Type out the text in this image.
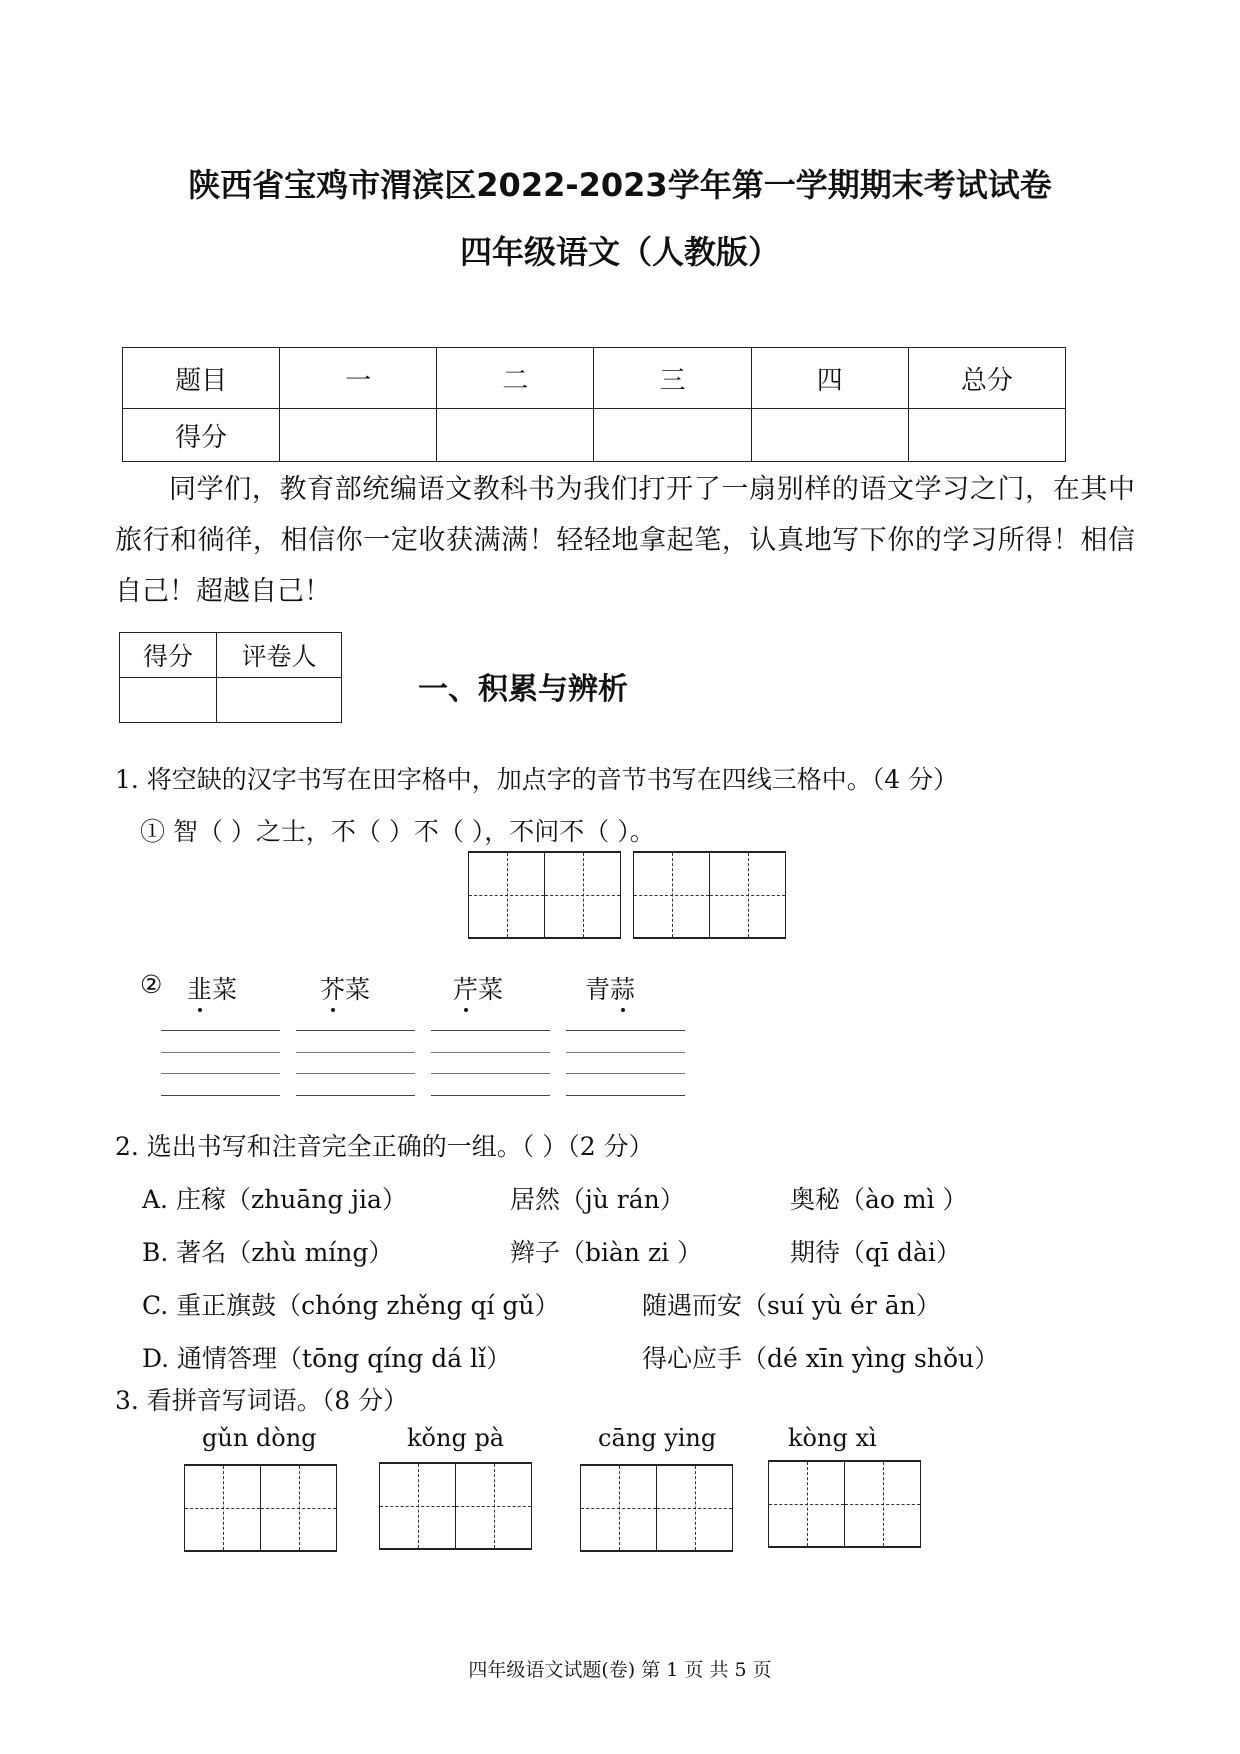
陕西省宝鸡市渭滨区2022-2023学年第一学期期末考试试卷
四年级语文（人教版）
题目	一	二	三	四	总分
得分					
同学们，教育部统编语文教科书为我们打开了一扇别样的语文学习之门，在其中旅行和徜徉，相信你一定收获满满！轻轻地拿起笔，认真地写下你的学习所得！相信自己！超越自己！
得分	评卷人

一、积累与辨析
1. 将空缺的汉字书写在田字格中，加点字的音节书写在四线三格中。（4 分）
① 智（ ）之士，不（ ）不（ ），不问不（ ）。
② 韭菜	芥菜	芹菜	青蒜
2. 选出书写和注音完全正确的一组。（ ）（2 分）
A. 庄稼（zhuāng jia）	居然（jù rán）	奥秘（ào mì ）
B. 著名（zhù míng）	辫子（biàn zi ）	期待（qī dài）
C. 重正旗鼓（chóng zhěng qí gǔ）	随遇而安（suí yù ér ān）
D. 通情答理（tōng qíng dá lǐ）	得心应手（dé xīn yìng shǒu）
3. 看拼音写词语。（8 分）
gǔn dòng	kǒng pà	cāng ying	kòng xì
四年级语文试题(卷) 第 1 页 共 5 页
